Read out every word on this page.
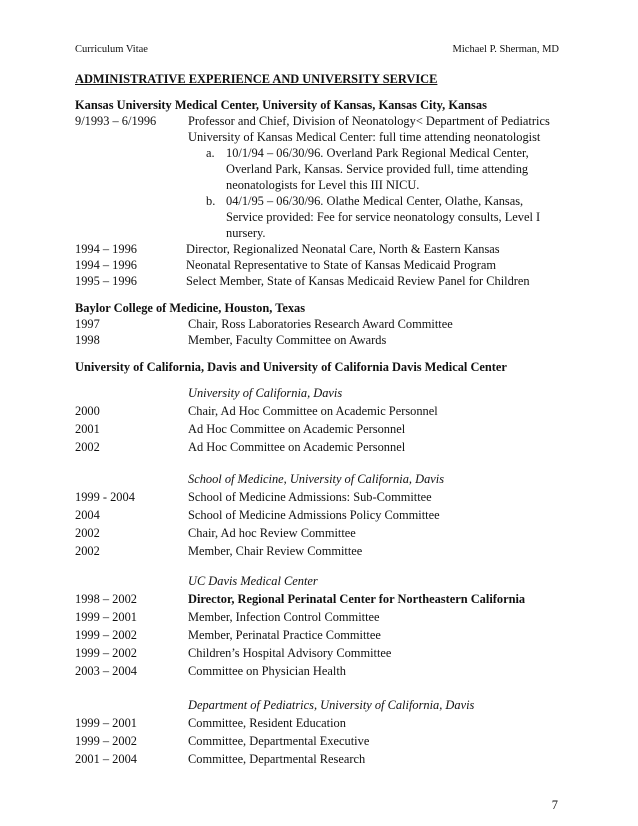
Curriculum Vitae	Michael P. Sherman, MD
ADMINISTRATIVE EXPERIENCE AND UNIVERSITY SERVICE
Kansas University Medical Center, University of Kansas, Kansas City, Kansas
9/1993 – 6/1996	Professor and Chief, Division of Neonatology< Department of Pediatrics
University of Kansas Medical Center: full time attending neonatologist
a. 10/1/94 – 06/30/96. Overland Park Regional Medical Center,
Overland Park, Kansas. Service provided full, time attending
neonatologists for Level this III NICU.
b. 04/1/95 – 06/30/96. Olathe Medical Center, Olathe, Kansas,
Service provided: Fee for service neonatology consults, Level I
nursery.
1994 – 1996	Director, Regionalized Neonatal Care, North & Eastern Kansas
1994 – 1996	Neonatal Representative to State of Kansas Medicaid Program
1995 – 1996	Select Member, State of Kansas Medicaid Review Panel for Children
Baylor College of Medicine, Houston, Texas
1997	Chair, Ross Laboratories Research Award Committee
1998	Member, Faculty Committee on Awards
University of California, Davis and University of California Davis Medical Center
University of California, Davis
2000	Chair, Ad Hoc Committee on Academic Personnel
2001	Ad Hoc Committee on Academic Personnel
2002	Ad Hoc Committee on Academic Personnel
School of Medicine, University of California, Davis
1999 - 2004	School of Medicine Admissions: Sub-Committee
2004	School of Medicine Admissions Policy Committee
2002	Chair, Ad hoc Review Committee
2002	Member, Chair Review Committee
UC Davis Medical Center
1998 – 2002	Director, Regional Perinatal Center for Northeastern California
1999 – 2001	Member, Infection Control Committee
1999 – 2002	Member, Perinatal Practice Committee
1999 – 2002	Children’s Hospital Advisory Committee
2003 – 2004	Committee on Physician Health
Department of Pediatrics, University of California, Davis
1999 – 2001	Committee, Resident Education
1999 – 2002	Committee, Departmental Executive
2001 – 2004	Committee, Departmental Research
7
